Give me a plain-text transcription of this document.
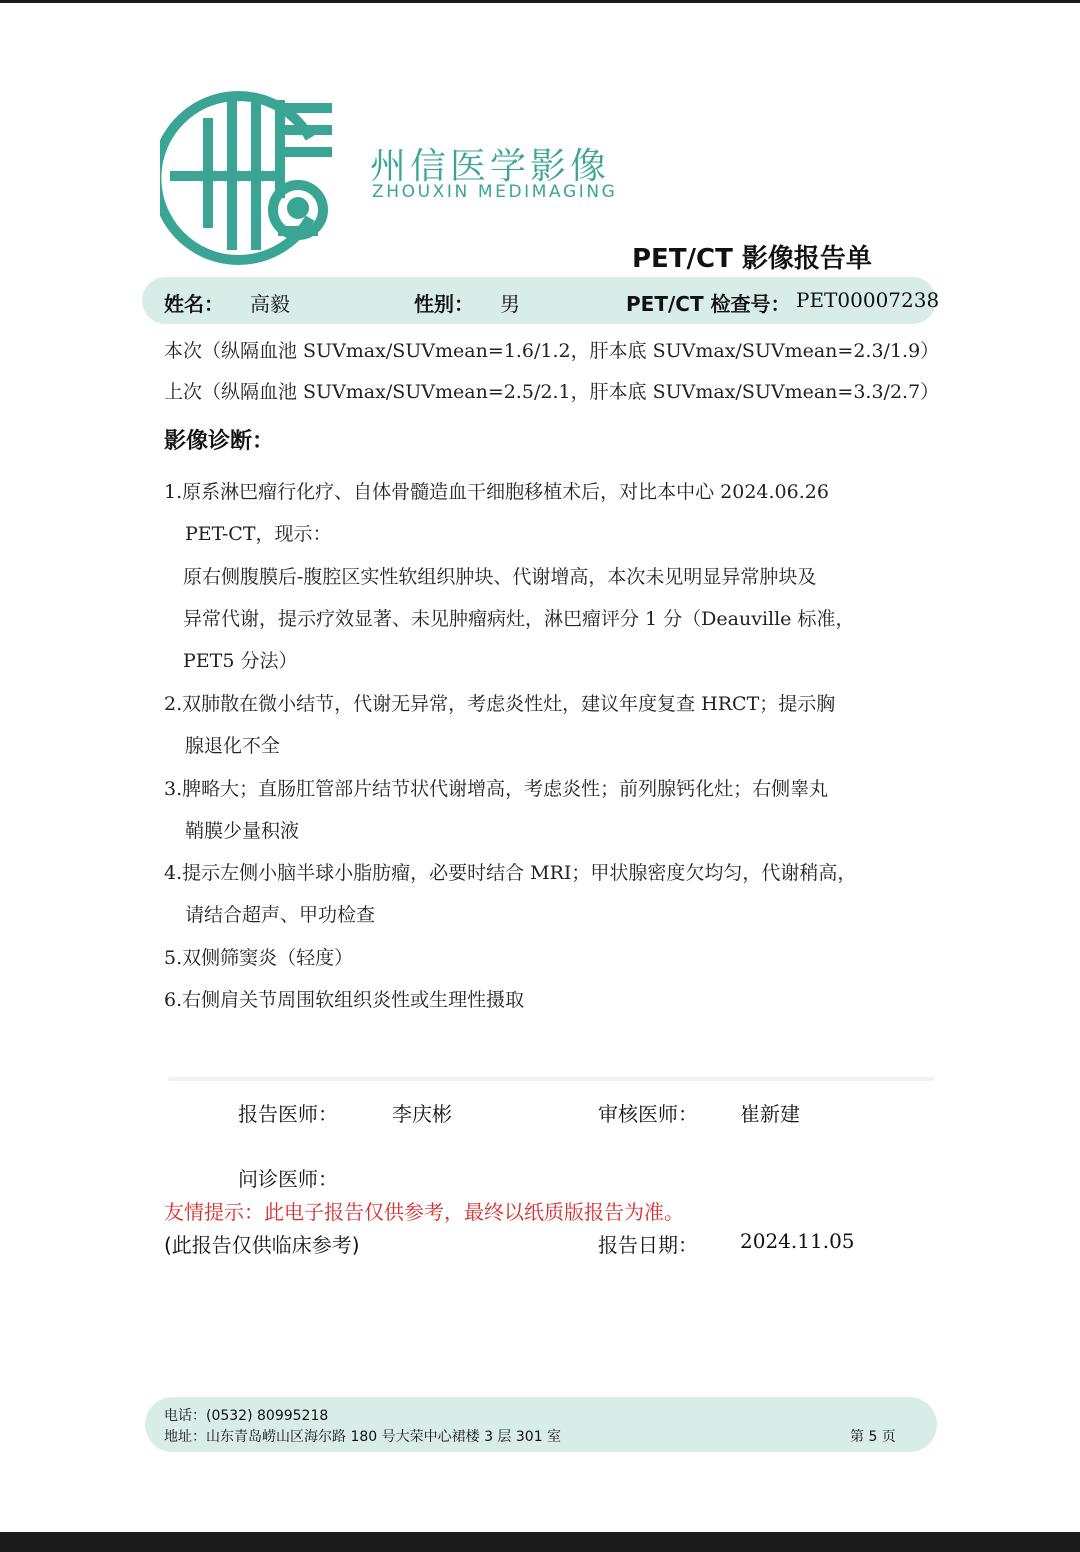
州信医学影像
ZHOUXIN MEDIMAGING
PET/CT 影像报告单
姓名： 高毅	性别： 男	PET/CT 检查号： PET00007238
本次（纵隔血池 SUVmax/SUVmean=1.6/1.2，肝本底 SUVmax/SUVmean=2.3/1.9）
上次（纵隔血池 SUVmax/SUVmean=2.5/2.1，肝本底 SUVmax/SUVmean=3.3/2.7）
影像诊断：
1.原系淋巴瘤行化疗、自体骨髓造血干细胞移植术后，对比本中心 2024.06.26
PET-CT，现示：
原右侧腹膜后-腹腔区实性软组织肿块、代谢增高，本次未见明显异常肿块及
异常代谢，提示疗效显著、未见肿瘤病灶，淋巴瘤评分 1 分（Deauville 标准，
PET5 分法）
2.双肺散在微小结节，代谢无异常，考虑炎性灶，建议年度复查 HRCT；提示胸
腺退化不全
3.脾略大；直肠肛管部片结节状代谢增高，考虑炎性；前列腺钙化灶；右侧睾丸
鞘膜少量积液
4.提示左侧小脑半球小脂肪瘤，必要时结合 MRI；甲状腺密度欠均匀，代谢稍高，
请结合超声、甲功检查
5.双侧筛窦炎（轻度）
6.右侧肩关节周围软组织炎性或生理性摄取
报告医师：	李庆彬	审核医师： 崔新建
问诊医师：
友情提示：此电子报告仅供参考，最终以纸质版报告为准。
(此报告仅供临床参考)	报告日期： 2024.11.05
电话：(0532) 80995218
地址：山东青岛崂山区海尔路 180 号大荣中心裙楼 3 层 301 室	第 5 页
